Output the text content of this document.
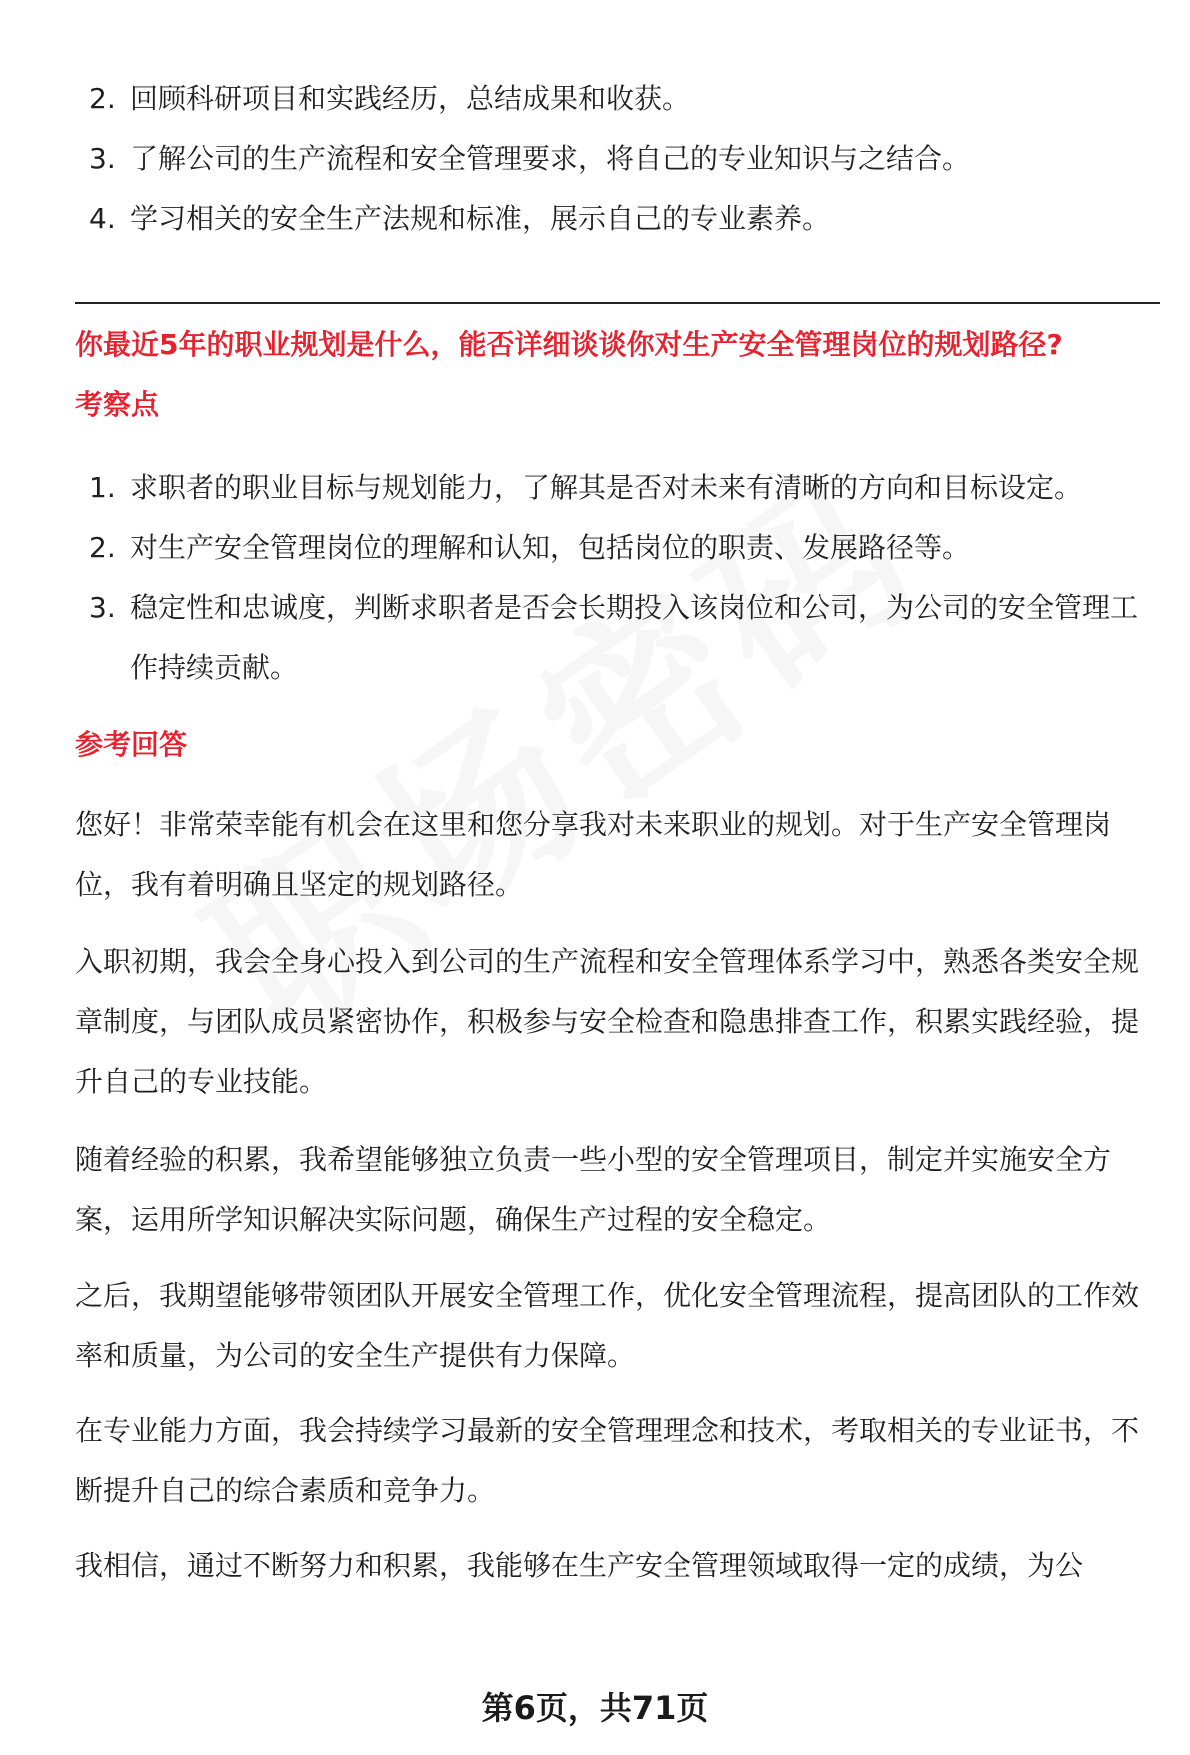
2. 回顾科研项目和实践经历，总结成果和收获。
3. 了解公司的生产流程和安全管理要求，将自己的专业知识与之结合。
4. 学习相关的安全生产法规和标准，展示自己的专业素养。
你最近5年的职业规划是什么，能否详细谈谈你对生产安全管理岗位的规划路径?
考察点
1. 求职者的职业目标与规划能力，了解其是否对未来有清晰的方向和目标设定。
2. 对生产安全管理岗位的理解和认知，包括岗位的职责、发展路径等。
3. 稳定性和忠诚度，判断求职者是否会长期投入该岗位和公司，为公司的安全管理工作持续贡献。
参考回答

您好！非常荣幸能有机会在这里和您分享我对未来职业的规划。对于生产安全管理岗位，我有着明确且坚定的规划路径。

入职初期，我会全身心投入到公司的生产流程和安全管理体系学习中，熟悉各类安全规章制度，与团队成员紧密协作，积极参与安全检查和隐患排查工作，积累实践经验，提升自己的专业技能。

随着经验的积累，我希望能够独立负责一些小型的安全管理项目，制定并实施安全方案，运用所学知识解决实际问题，确保生产过程的安全稳定。

之后，我期望能够带领团队开展安全管理工作，优化安全管理流程，提高团队的工作效率和质量，为公司的安全生产提供有力保障。

在专业能力方面，我会持续学习最新的安全管理理念和技术，考取相关的专业证书，不断提升自己的综合素质和竞争力。

我相信，通过不断努力和积累，我能够在生产安全管理领域取得一定的成绩，为公

第6页，共71页
